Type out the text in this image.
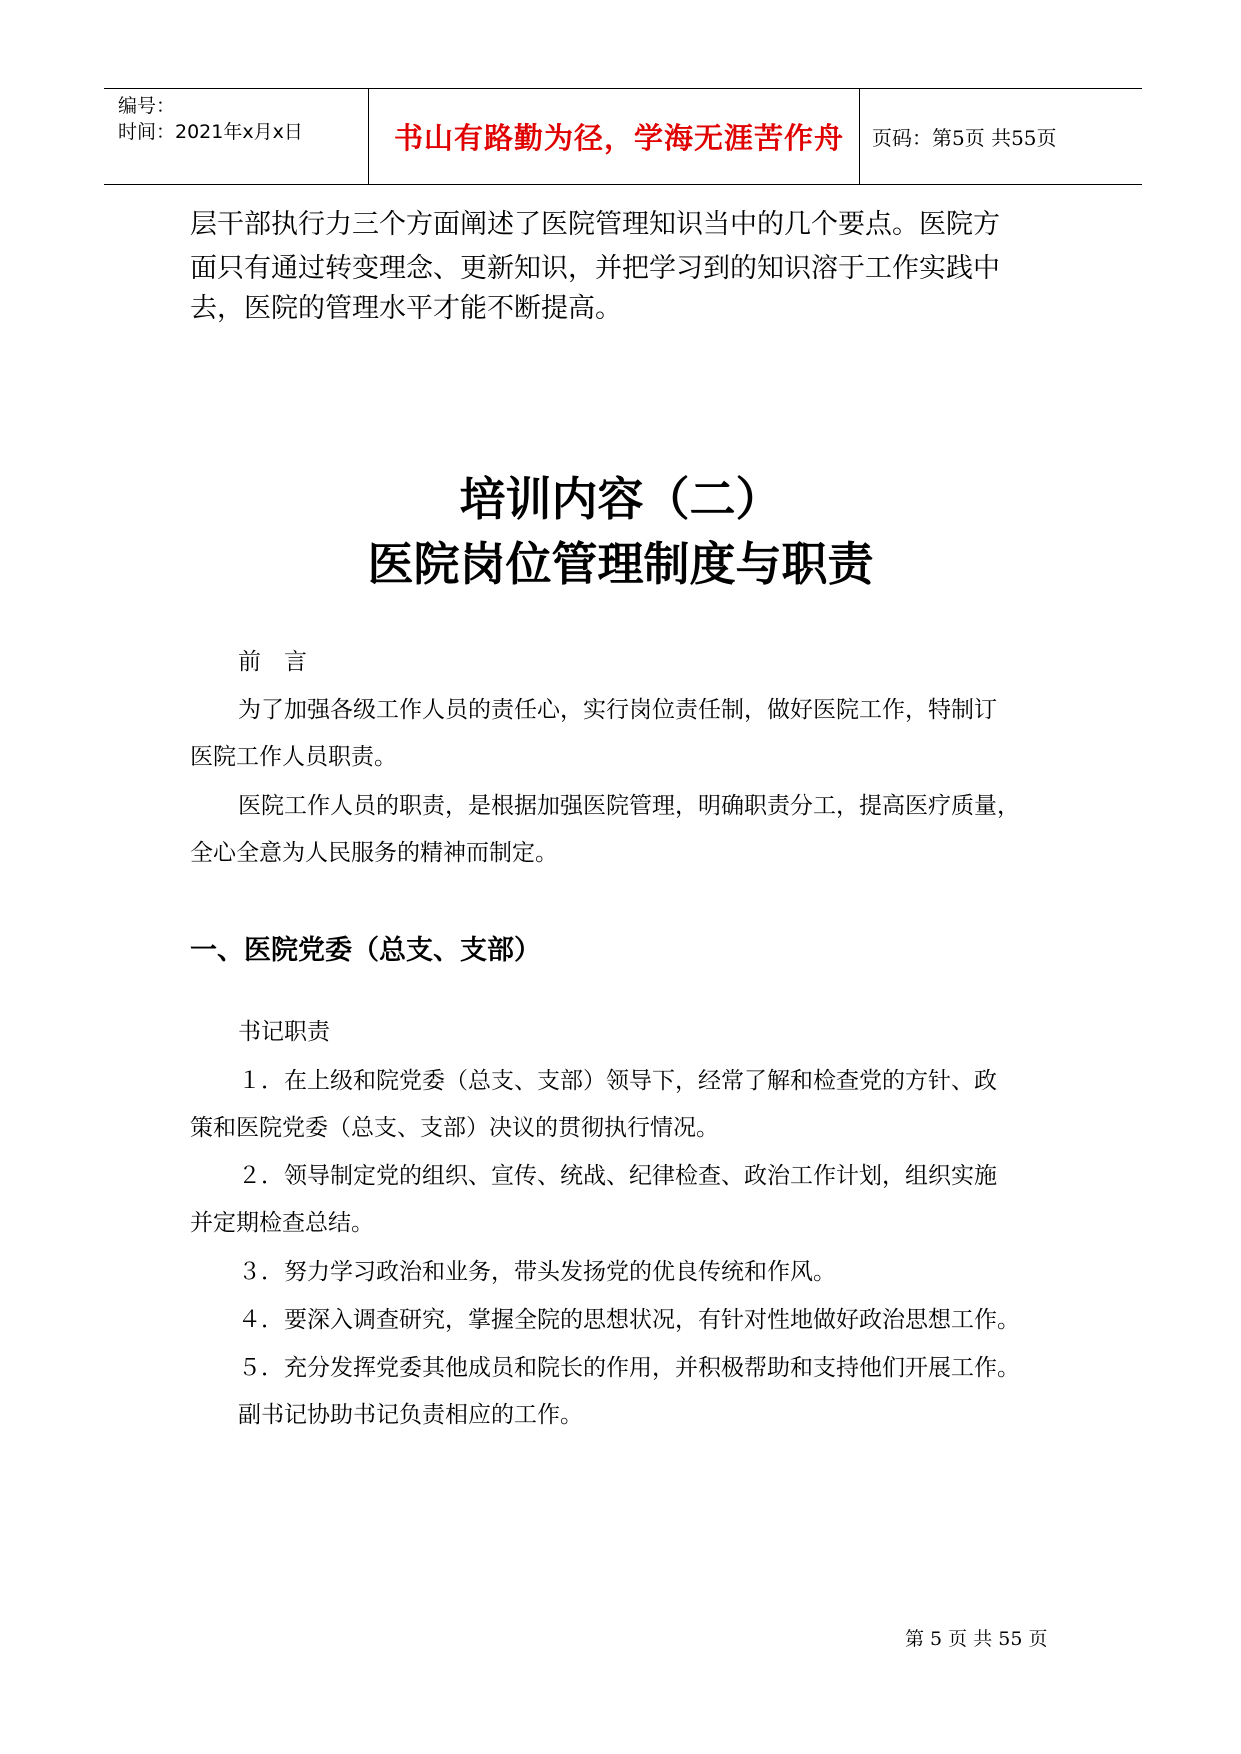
编号：
时间：2021年x月x日	书山有路勤为径，学海无涯苦作舟 页码：第5页 共55页
层干部执行力三个方面阐述了医院管理知识当中的几个要点。医院方
面只有通过转变理念、更新知识，并把学习到的知识溶于工作实践中
去，医院的管理水平才能不断提高。
培训内容（二）
医院岗位管理制度与职责
前　言
为了加强各级工作人员的责任心，实行岗位责任制，做好医院工作，特制订
医院工作人员职责。
医院工作人员的职责，是根据加强医院管理，明确职责分工，提高医疗质量，
全心全意为人民服务的精神而制定。
一、医院党委（总支、支部）
书记职责
１．在上级和院党委（总支、支部）领导下，经常了解和检查党的方针、政
策和医院党委（总支、支部）决议的贯彻执行情况。
２．领导制定党的组织、宣传、统战、纪律检查、政治工作计划，组织实施
并定期检查总结。
３．努力学习政治和业务，带头发扬党的优良传统和作风。
４．要深入调查研究，掌握全院的思想状况，有针对性地做好政治思想工作。
５．充分发挥党委其他成员和院长的作用，并积极帮助和支持他们开展工作。
副书记协助书记负责相应的工作。
第 5 页 共 55 页
